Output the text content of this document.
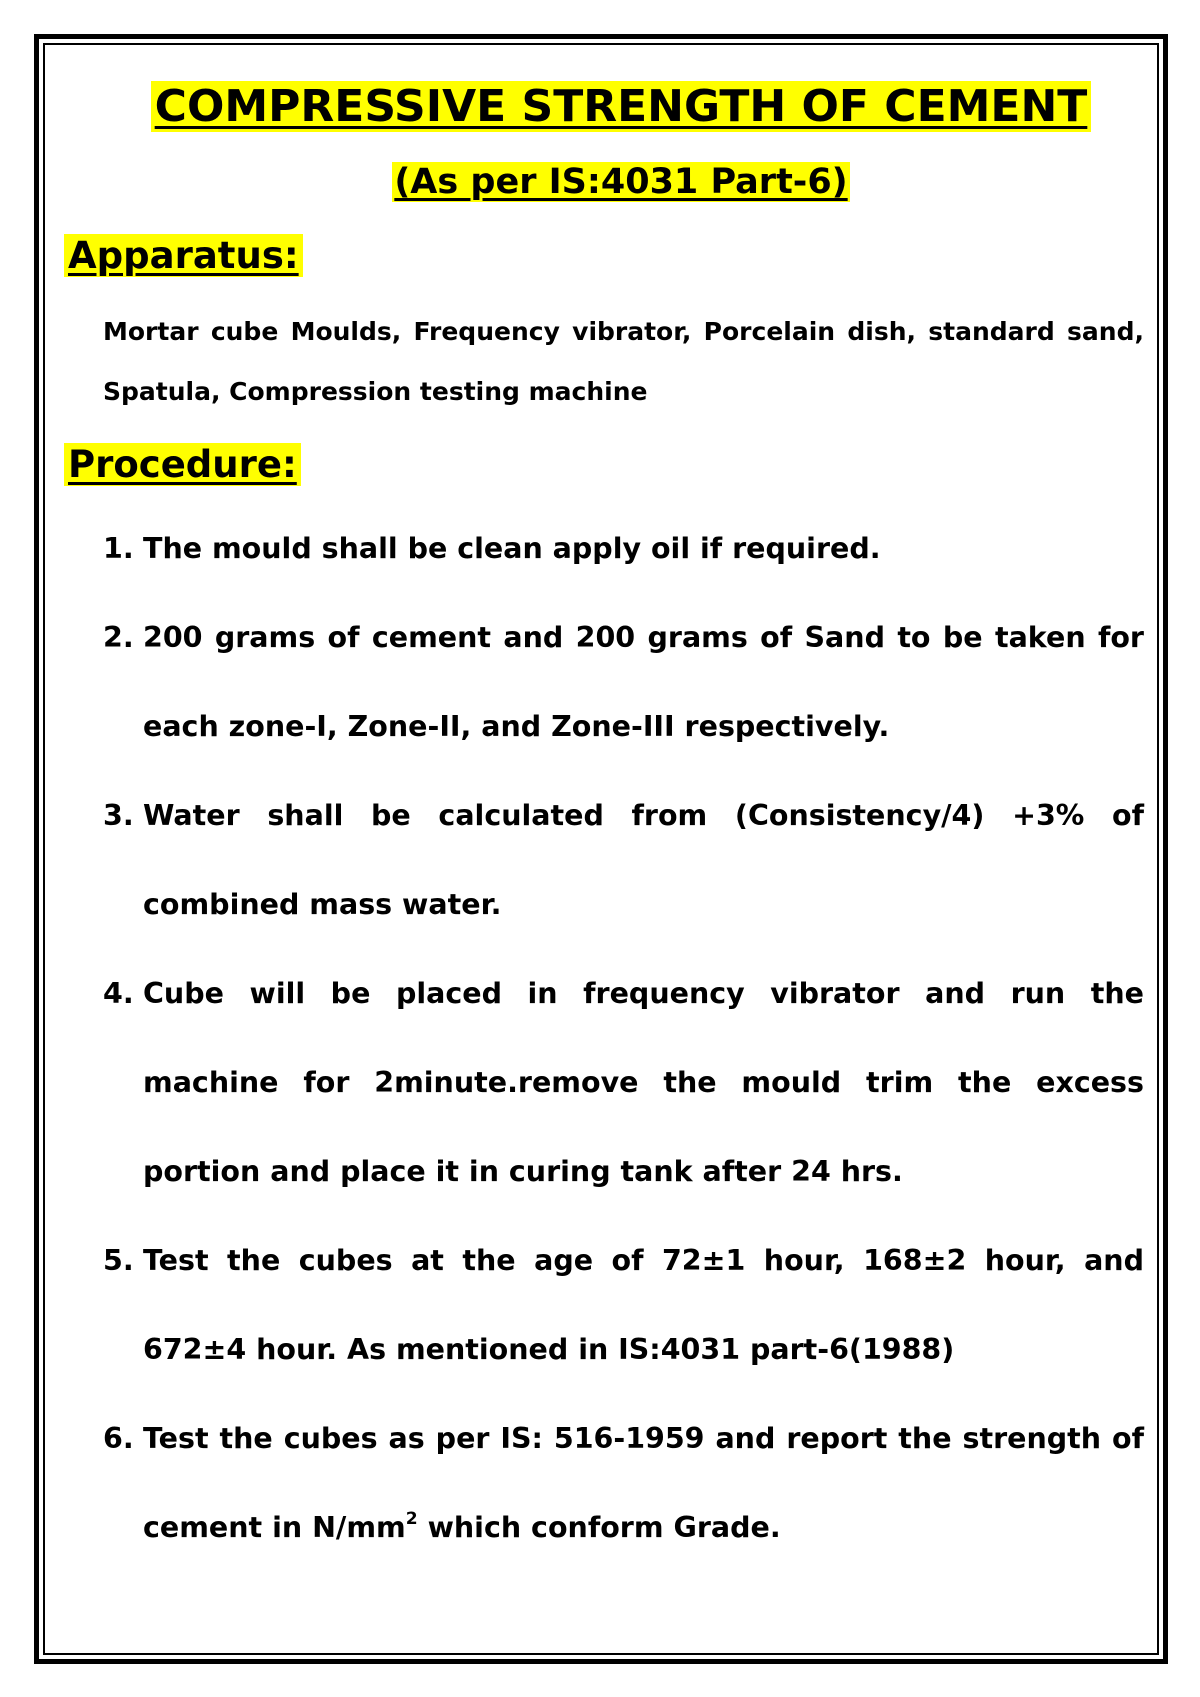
COMPRESSIVE STRENGTH OF CEMENT
(As per IS:4031 Part-6)
Apparatus:
Mortar cube Moulds, Frequency vibrator, Porcelain dish, standard sand, Spatula, Compression testing machine
Procedure:
1. The mould shall be clean apply oil if required.
2. 200 grams of cement and 200 grams of Sand to be taken for each zone-I, Zone-II, and Zone-III respectively.
3. Water shall be calculated from (Consistency/4) +3% of combined mass water.
4. Cube will be placed in frequency vibrator and run the machine for 2minute.remove the mould trim the excess portion and place it in curing tank after 24 hrs.
5. Test the cubes at the age of 72±1 hour, 168±2 hour, and 672±4 hour. As mentioned in IS:4031 part-6(1988)
6. Test the cubes as per IS: 516-1959 and report the strength of cement in $N/mm^2$ which conform Grade.
